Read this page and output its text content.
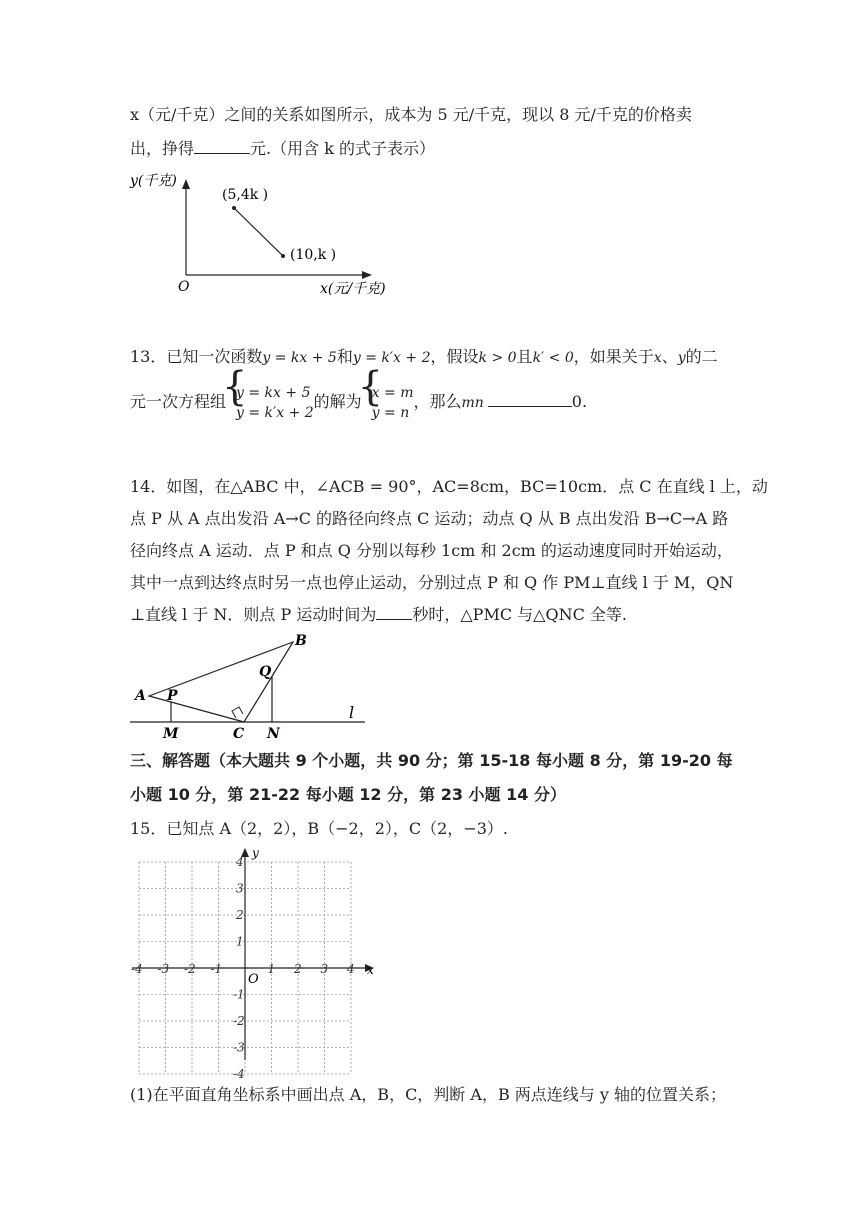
x（元/千克）之间的关系如图所示，成本为 5 元/千克，现以 8 元/千克的价格卖
出，挣得	元.（用含 k 的式子表示）
y(千克)
x(元/千克)
O
(5,4k )
(10,k )
13．已知一次函数y = kx + 5和y = k′x + 2，假设k > 0且k′ < 0，如果关于x、y的二
元一次方程组 { y = kx + 5
y = k′x + 2
的解为 { x = m
y = n
，那么mn	0.
14．如图，在△ABC 中，∠ACB = 90°，AC=8cm，BC=10cm．点 C 在直线 l 上，动
点 P 从 A 点出发沿 A→C 的路径向终点 C 运动；动点 Q 从 B 点出发沿 B→C→A 路
径向终点 A 运动．点 P 和点 Q 分别以每秒 1cm 和 2cm 的运动速度同时开始运动，
其中一点到达终点时另一点也停止运动，分别过点 P 和 Q 作 PM⊥直线 l 于 M，QN
⊥直线 l 于 N．则点 P 运动时间为 秒时，△PMC 与△QNC 全等.
A
B
C
P
Q
M	N
l
三、解答题（本大题共 9 个小题，共 90 分；第 15-18 每小题 8 分，第 19-20 每
小题 10 分，第 21-22 每小题 12 分，第 23 小题 14 分）
15．已知点 A（2，2），B（−2，2），C（2，−3）.
-4 -3 -2 -1	1 2 3 4
4
3
2
1
-1
-2
-3
-4
O
x
y
(1)在平面直角坐标系中画出点 A，B，C，判断 A，B 两点连线与 y 轴的位置关系；
